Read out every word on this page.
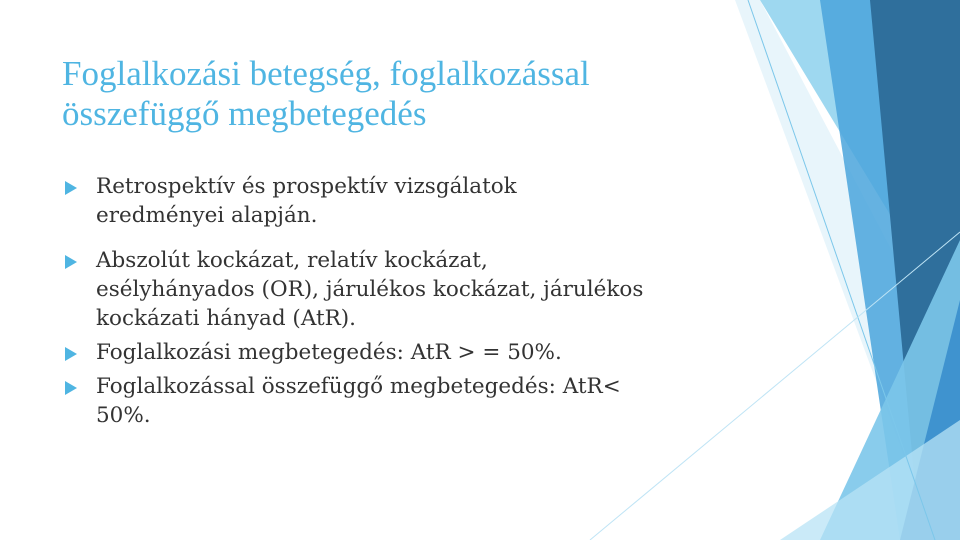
Foglalkozási betegség, foglalkozással
összefüggő megbetegedés
Retrospektív és prospektív vizsgálatok
eredményei alapján.
Abszolút kockázat, relatív kockázat,
esélyhányados (OR), járulékos kockázat, járulékos
kockázati hányad (AtR).
Foglalkozási megbetegedés: AtR > = 50%.
Foglalkozással összefüggő megbetegedés: AtR<
50%.
